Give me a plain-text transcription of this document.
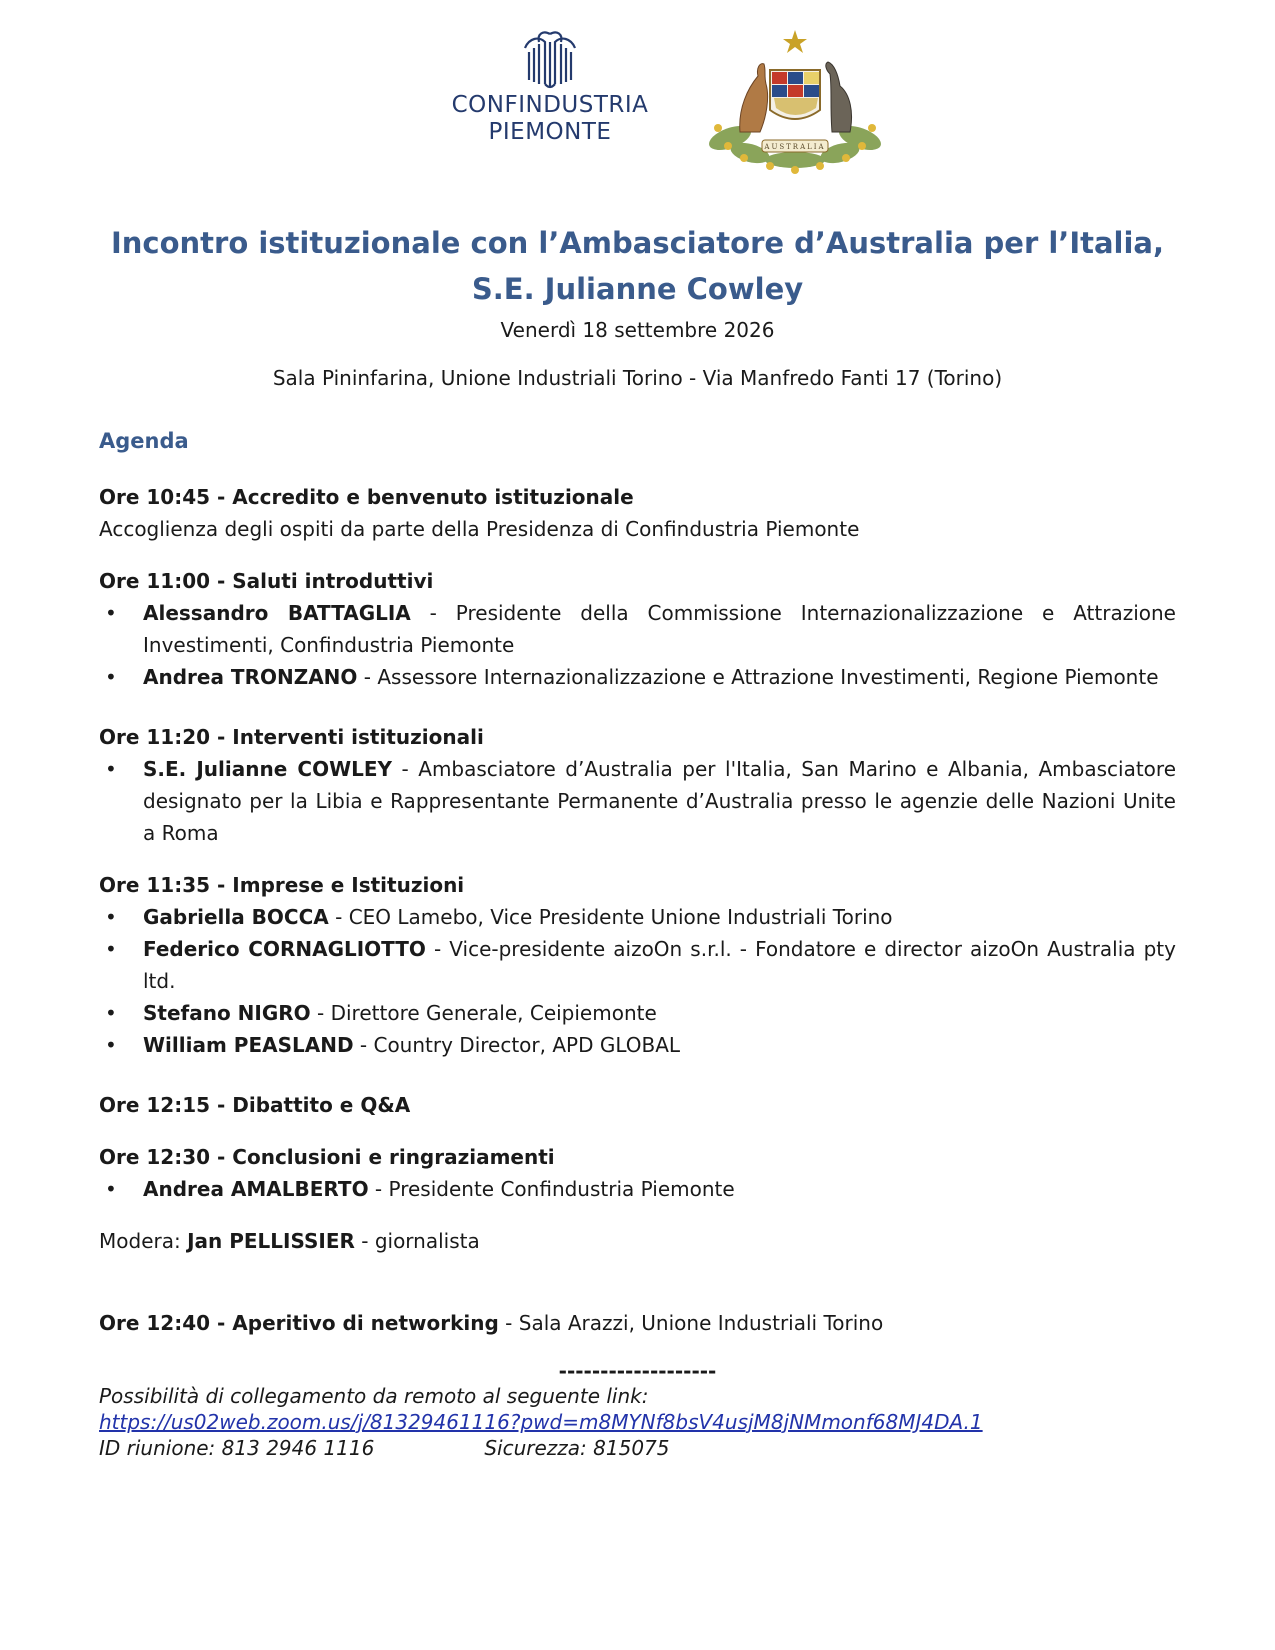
CONFINDUSTRIA
PIEMONTE
AUSTRALIA

Incontro istituzionale con l’Ambasciatore d’Australia per l’Italia,

S.E. Julianne Cowley

Venerdì 18 settembre 2026
Sala Pininfarina, Unione Industriali Torino - Via Manfredo Fanti 17 (Torino)
Agenda
Ore 10:45 - Accredito e benvenuto istituzionale
Accoglienza degli ospiti da parte della Presidenza di Confindustria Piemonte
Ore 11:00 - Saluti introduttivi
• Alessandro BATTAGLIA - Presidente della Commissione Internazionalizzazione e Attrazione Investimenti, Confindustria Piemonte
• Andrea TRONZANO - Assessore Internazionalizzazione e Attrazione Investimenti, Regione Piemonte
Ore 11:20 - Interventi istituzionali
• S.E. Julianne COWLEY - Ambasciatore d’Australia per l'Italia, San Marino e Albania, Ambasciatore designato per la Libia e Rappresentante Permanente d’Australia presso le agenzie delle Nazioni Unite a Roma
Ore 11:35 - Imprese e Istituzioni
• Gabriella BOCCA - CEO Lamebo, Vice Presidente Unione Industriali Torino
• Federico CORNAGLIOTTO - Vice-presidente aizoOn s.r.l. - Fondatore e director aizoOn Australia pty ltd.
• Stefano NIGRO - Direttore Generale, Ceipiemonte
• William PEASLAND - Country Director, APD GLOBAL
Ore 12:15 - Dibattito e Q&A
Ore 12:30 - Conclusioni e ringraziamenti
• Andrea AMALBERTO - Presidente Confindustria Piemonte
Modera: Jan PELLISSIER - giornalista
Ore 12:40 - Aperitivo di networking - Sala Arazzi, Unione Industriali Torino
-------------------
Possibilità di collegamento da remoto al seguente link:
https://us02web.zoom.us/j/81329461116?pwd=m8MYNf8bsV4usjM8jNMmonf68MJ4DA.1
ID riunione: 813 2946 1116	Sicurezza: 815075
